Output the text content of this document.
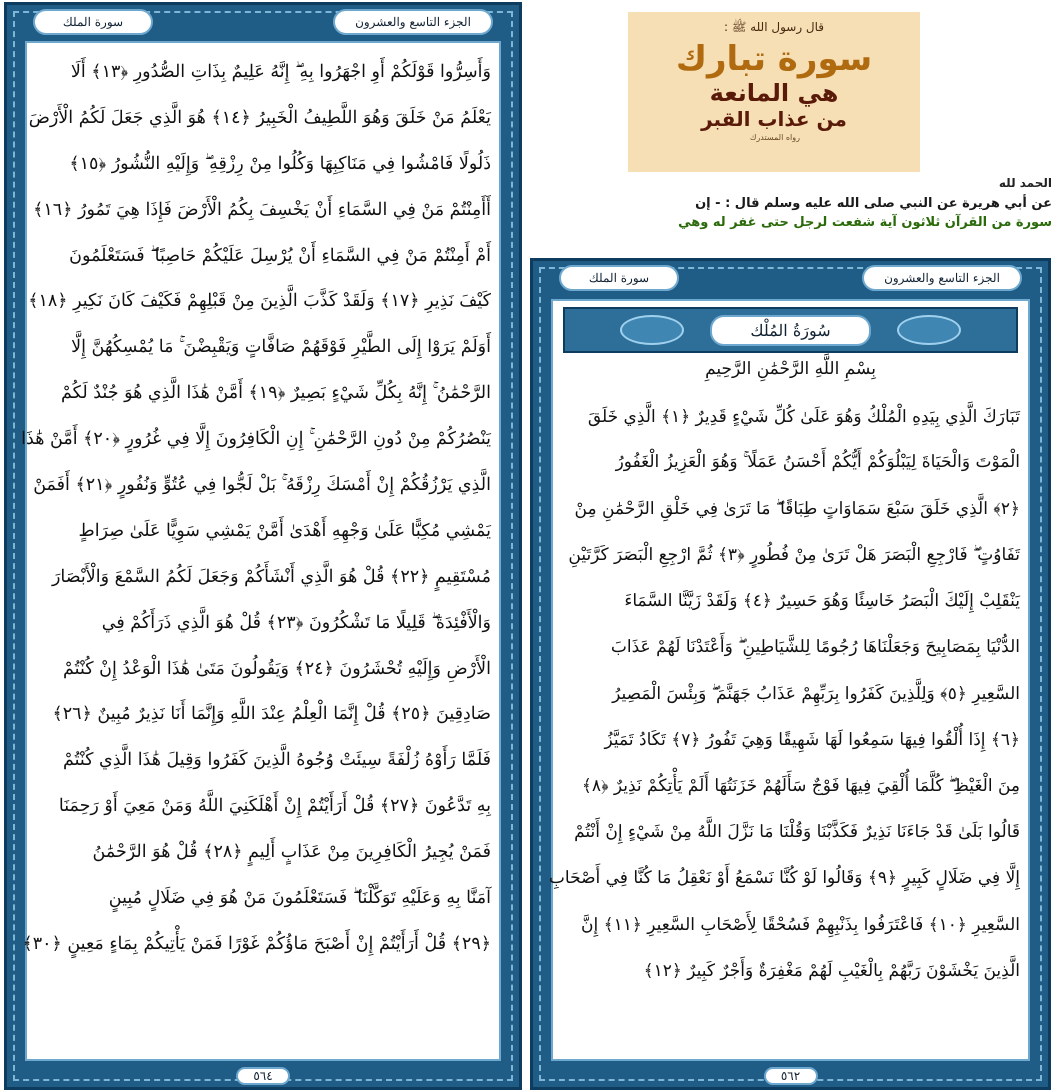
قال رسول الله ﷺ :
سورة تبارك
هي المانعة
من عذاب القبر
رواه المستدرك
الحمد لله
عن أبي هريرة عن النبي صلى الله عليه وسلم قال : - إن
سورة من القرآن ثلاثون آية شفعت لرجل حتى غفر له وهي
الجزء التاسع والعشرون
سورة الملك
وَأَسِرُّوا قَوْلَكُمْ أَوِ اجْهَرُوا بِهِ ۖ إِنَّهُ عَلِيمٌ بِذَاتِ الصُّدُورِ ﴿١٣﴾ أَلَا
يَعْلَمُ مَنْ خَلَقَ وَهُوَ اللَّطِيفُ الْخَبِيرُ ﴿١٤﴾ هُوَ الَّذِي جَعَلَ لَكُمُ الْأَرْضَ
ذَلُولًا فَامْشُوا فِي مَنَاكِبِهَا وَكُلُوا مِنْ رِزْقِهِ ۖ وَإِلَيْهِ النُّشُورُ ﴿١٥﴾
أَأَمِنْتُمْ مَنْ فِي السَّمَاءِ أَنْ يَخْسِفَ بِكُمُ الْأَرْضَ فَإِذَا هِيَ تَمُورُ ﴿١٦﴾
أَمْ أَمِنْتُمْ مَنْ فِي السَّمَاءِ أَنْ يُرْسِلَ عَلَيْكُمْ حَاصِبًا ۖ فَسَتَعْلَمُونَ
كَيْفَ نَذِيرِ ﴿١٧﴾ وَلَقَدْ كَذَّبَ الَّذِينَ مِنْ قَبْلِهِمْ فَكَيْفَ كَانَ نَكِيرِ ﴿١٨﴾
أَوَلَمْ يَرَوْا إِلَى الطَّيْرِ فَوْقَهُمْ صَافَّاتٍ وَيَقْبِضْنَ ۚ مَا يُمْسِكُهُنَّ إِلَّا
الرَّحْمَٰنُ ۚ إِنَّهُ بِكُلِّ شَيْءٍ بَصِيرٌ ﴿١٩﴾ أَمَّنْ هَٰذَا الَّذِي هُوَ جُنْدٌ لَكُمْ
يَنْصُرُكُمْ مِنْ دُونِ الرَّحْمَٰنِ ۚ إِنِ الْكَافِرُونَ إِلَّا فِي غُرُورٍ ﴿٢٠﴾ أَمَّنْ هَٰذَا
الَّذِي يَرْزُقُكُمْ إِنْ أَمْسَكَ رِزْقَهُ ۚ بَلْ لَجُّوا فِي عُتُوٍّ وَنُفُورٍ ﴿٢١﴾ أَفَمَنْ
يَمْشِي مُكِبًّا عَلَىٰ وَجْهِهِ أَهْدَىٰ أَمَّنْ يَمْشِي سَوِيًّا عَلَىٰ صِرَاطٍ
مُسْتَقِيمٍ ﴿٢٢﴾ قُلْ هُوَ الَّذِي أَنْشَأَكُمْ وَجَعَلَ لَكُمُ السَّمْعَ وَالْأَبْصَارَ
وَالْأَفْئِدَةَ ۖ قَلِيلًا مَا تَشْكُرُونَ ﴿٢٣﴾ قُلْ هُوَ الَّذِي ذَرَأَكُمْ فِي
الْأَرْضِ وَإِلَيْهِ تُحْشَرُونَ ﴿٢٤﴾ وَيَقُولُونَ مَتَىٰ هَٰذَا الْوَعْدُ إِنْ كُنْتُمْ
صَادِقِينَ ﴿٢٥﴾ قُلْ إِنَّمَا الْعِلْمُ عِنْدَ اللَّهِ وَإِنَّمَا أَنَا نَذِيرٌ مُبِينٌ ﴿٢٦﴾
فَلَمَّا رَأَوْهُ زُلْفَةً سِيئَتْ وُجُوهُ الَّذِينَ كَفَرُوا وَقِيلَ هَٰذَا الَّذِي كُنْتُمْ
بِهِ تَدَّعُونَ ﴿٢٧﴾ قُلْ أَرَأَيْتُمْ إِنْ أَهْلَكَنِيَ اللَّهُ وَمَنْ مَعِيَ أَوْ رَحِمَنَا
فَمَنْ يُجِيرُ الْكَافِرِينَ مِنْ عَذَابٍ أَلِيمٍ ﴿٢٨﴾ قُلْ هُوَ الرَّحْمَٰنُ
آمَنَّا بِهِ وَعَلَيْهِ تَوَكَّلْنَا ۖ فَسَتَعْلَمُونَ مَنْ هُوَ فِي ضَلَالٍ مُبِينٍ
﴿٢٩﴾ قُلْ أَرَأَيْتُمْ إِنْ أَصْبَحَ مَاؤُكُمْ غَوْرًا فَمَنْ يَأْتِيكُمْ بِمَاءٍ مَعِينٍ ﴿٣٠﴾
٥٦٤
الجزء التاسع والعشرون
سورة الملك
سُورَةُ المُلْك
بِسْمِ اللَّهِ الرَّحْمَٰنِ الرَّحِيمِ
تَبَارَكَ الَّذِي بِيَدِهِ الْمُلْكُ وَهُوَ عَلَىٰ كُلِّ شَيْءٍ قَدِيرٌ ﴿١﴾ الَّذِي خَلَقَ
الْمَوْتَ وَالْحَيَاةَ لِيَبْلُوَكُمْ أَيُّكُمْ أَحْسَنُ عَمَلًا ۚ وَهُوَ الْعَزِيزُ الْغَفُورُ
﴿٢﴾ الَّذِي خَلَقَ سَبْعَ سَمَاوَاتٍ طِبَاقًا ۖ مَا تَرَىٰ فِي خَلْقِ الرَّحْمَٰنِ مِنْ
تَفَاوُتٍ ۖ فَارْجِعِ الْبَصَرَ هَلْ تَرَىٰ مِنْ فُطُورٍ ﴿٣﴾ ثُمَّ ارْجِعِ الْبَصَرَ كَرَّتَيْنِ
يَنْقَلِبْ إِلَيْكَ الْبَصَرُ خَاسِئًا وَهُوَ حَسِيرٌ ﴿٤﴾ وَلَقَدْ زَيَّنَّا السَّمَاءَ
الدُّنْيَا بِمَصَابِيحَ وَجَعَلْنَاهَا رُجُومًا لِلشَّيَاطِينِ ۖ وَأَعْتَدْنَا لَهُمْ عَذَابَ
السَّعِيرِ ﴿٥﴾ وَلِلَّذِينَ كَفَرُوا بِرَبِّهِمْ عَذَابُ جَهَنَّمَ ۖ وَبِئْسَ الْمَصِيرُ
﴿٦﴾ إِذَا أُلْقُوا فِيهَا سَمِعُوا لَهَا شَهِيقًا وَهِيَ تَفُورُ ﴿٧﴾ تَكَادُ تَمَيَّزُ
مِنَ الْغَيْظِ ۖ كُلَّمَا أُلْقِيَ فِيهَا فَوْجٌ سَأَلَهُمْ خَزَنَتُهَا أَلَمْ يَأْتِكُمْ نَذِيرٌ ﴿٨﴾
قَالُوا بَلَىٰ قَدْ جَاءَنَا نَذِيرٌ فَكَذَّبْنَا وَقُلْنَا مَا نَزَّلَ اللَّهُ مِنْ شَيْءٍ إِنْ أَنْتُمْ
إِلَّا فِي ضَلَالٍ كَبِيرٍ ﴿٩﴾ وَقَالُوا لَوْ كُنَّا نَسْمَعُ أَوْ نَعْقِلُ مَا كُنَّا فِي أَصْحَابِ
السَّعِيرِ ﴿١٠﴾ فَاعْتَرَفُوا بِذَنْبِهِمْ فَسُحْقًا لِأَصْحَابِ السَّعِيرِ ﴿١١﴾ إِنَّ
الَّذِينَ يَخْشَوْنَ رَبَّهُمْ بِالْغَيْبِ لَهُمْ مَغْفِرَةٌ وَأَجْرٌ كَبِيرٌ ﴿١٢﴾
٥٦٢
